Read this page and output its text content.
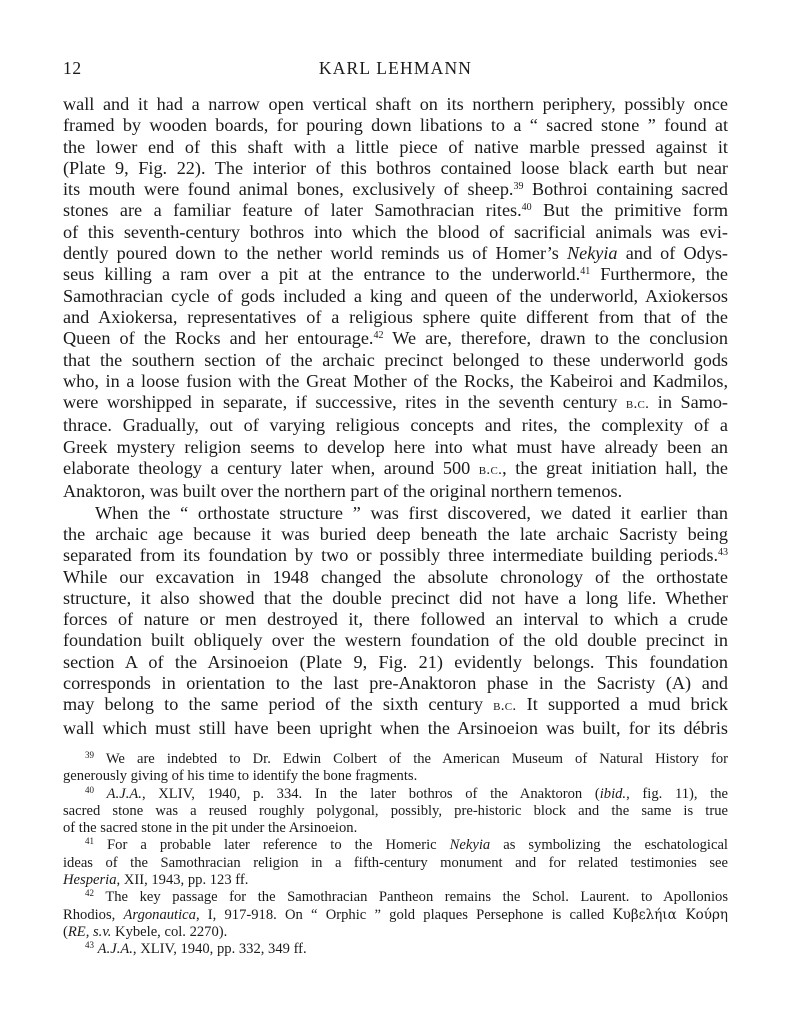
12	KARL LEHMANN
wall and it had a narrow open vertical shaft on its northern periphery, possibly once
framed by wooden boards, for pouring down libations to a “ sacred stone ” found at
the lower end of this shaft with a little piece of native marble pressed against it
(Plate 9, Fig. 22). The interior of this bothros contained loose black earth but near
its mouth were found animal bones, exclusively of sheep.$^{39}$ Bothroi containing sacred
stones are a familiar feature of later Samothracian rites.$^{40}$ But the primitive form
of this seventh-century bothros into which the blood of sacrificial animals was evi-
dently poured down to the nether world reminds us of Homer’s Nekyia and of Odys-
seus killing a ram over a pit at the entrance to the underworld.$^{41}$ Furthermore, the
Samothracian cycle of gods included a king and queen of the underworld, Axiokersos
and Axiokersa, representatives of a religious sphere quite different from that of the
Queen of the Rocks and her entourage.$^{42}$ We are, therefore, drawn to the conclusion
that the southern section of the archaic precinct belonged to these underworld gods
who, in a loose fusion with the Great Mother of the Rocks, the Kabeiroi and Kadmilos,
were worshipped in separate, if successive, rites in the seventh century b.c. in Samo-
thrace. Gradually, out of varying religious concepts and rites, the complexity of a
Greek mystery religion seems to develop here into what must have already been an
elaborate theology a century later when, around 500 b.c., the great initiation hall, the
Anaktoron, was built over the northern part of the original northern temenos.
When the “ orthostate structure ” was first discovered, we dated it earlier than
the archaic age because it was buried deep beneath the late archaic Sacristy being
separated from its foundation by two or possibly three intermediate building periods.$^{43}$
While our excavation in 1948 changed the absolute chronology of the orthostate
structure, it also showed that the double precinct did not have a long life. Whether
forces of nature or men destroyed it, there followed an interval to which a crude
foundation built obliquely over the western foundation of the old double precinct in
section A of the Arsinoeion (Plate 9, Fig. 21) evidently belongs. This foundation
corresponds in orientation to the last pre-Anaktoron phase in the Sacristy (A) and
may belong to the same period of the sixth century b.c. It supported a mud brick
wall which must still have been upright when the Arsinoeion was built, for its débris
$^{39}$ We are indebted to Dr. Edwin Colbert of the American Museum of Natural History for
generously giving of his time to identify the bone fragments.
$^{40}$ A.J.A., XLIV, 1940, p. 334. In the later bothros of the Anaktoron (ibid., fig. 11), the
sacred stone was a reused roughly polygonal, possibly, pre-historic block and the same is true
of the sacred stone in the pit under the Arsinoeion.
$^{41}$ For a probable later reference to the Homeric Nekyia as symbolizing the eschatological
ideas of the Samothracian religion in a fifth-century monument and for related testimonies see
Hesperia, XII, 1943, pp. 123 ff.
$^{42}$ The key passage for the Samothracian Pantheon remains the Schol. Laurent. to Apollonios
Rhodios, Argonautica, I, 917-918. On “ Orphic ” gold plaques Persephone is called Κυβελήια Κούρη
(RE, s.v. Kybele, col. 2270).
$^{43}$ A.J.A., XLIV, 1940, pp. 332, 349 ff.
